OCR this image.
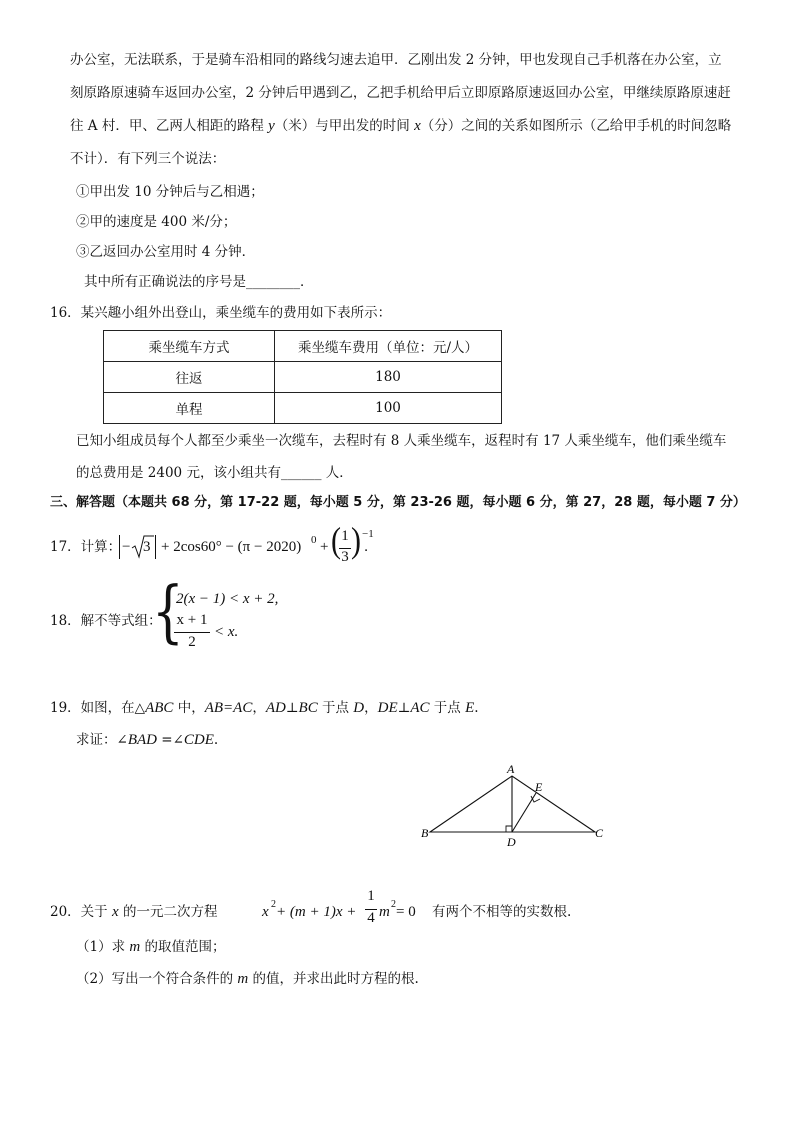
办公室，无法联系，于是骑车沿相同的路线匀速去追甲．乙刚出发 2 分钟，甲也发现自己手机落在办公室，立
刻原路原速骑车返回办公室，2 分钟后甲遇到乙，乙把手机给甲后立即原路原速返回办公室，甲继续原路原速赶
往 A 村．甲、乙两人相距的路程 y（米）与甲出发的时间 x（分）之间的关系如图所示（乙给甲手机的时间忽略
不计）．有下列三个说法：
①甲出发 10 分钟后与乙相遇；
②甲的速度是 400 米/分；
③乙返回办公室用时 4 分钟．
其中所有正确说法的序号是________．
16．某兴趣小组外出登山，乘坐缆车的费用如下表所示：
乘坐缆车方式	乘坐缆车费用（单位：元/人）
往返	180
单程	100
已知小组成员每个人都至少乘坐一次缆车，去程时有 8 人乘坐缆车，返程时有 17 人乘坐缆车，他们乘坐缆车
的总费用是 2400 元，该小组共有______ 人．
三、解答题（本题共 68 分，第 17-22 题，每小题 5 分，第 23-26 题，每小题 6 分，第 27，28 题，每小题 7 分）
17．计算： − 3 + 2cos60° − (π − 2020) 0 + ( 1
3 ) −1
．
18．解不等式组：
{
2(x − 1) < x + 2,
x + 1
2
< x.
19．如图，在△ABC 中，AB=AC，AD⊥BC 于点 D，DE⊥AC 于点 E.
求证：∠BAD =∠CDE.
A
B	C
D
E
20．关于 x 的一元二次方程	x 2 + (m + 1)x +
1
4 m 2 = 0 有两个不相等的实数根.
（1）求 m 的取值范围；
（2）写出一个符合条件的 m 的值，并求出此时方程的根.
